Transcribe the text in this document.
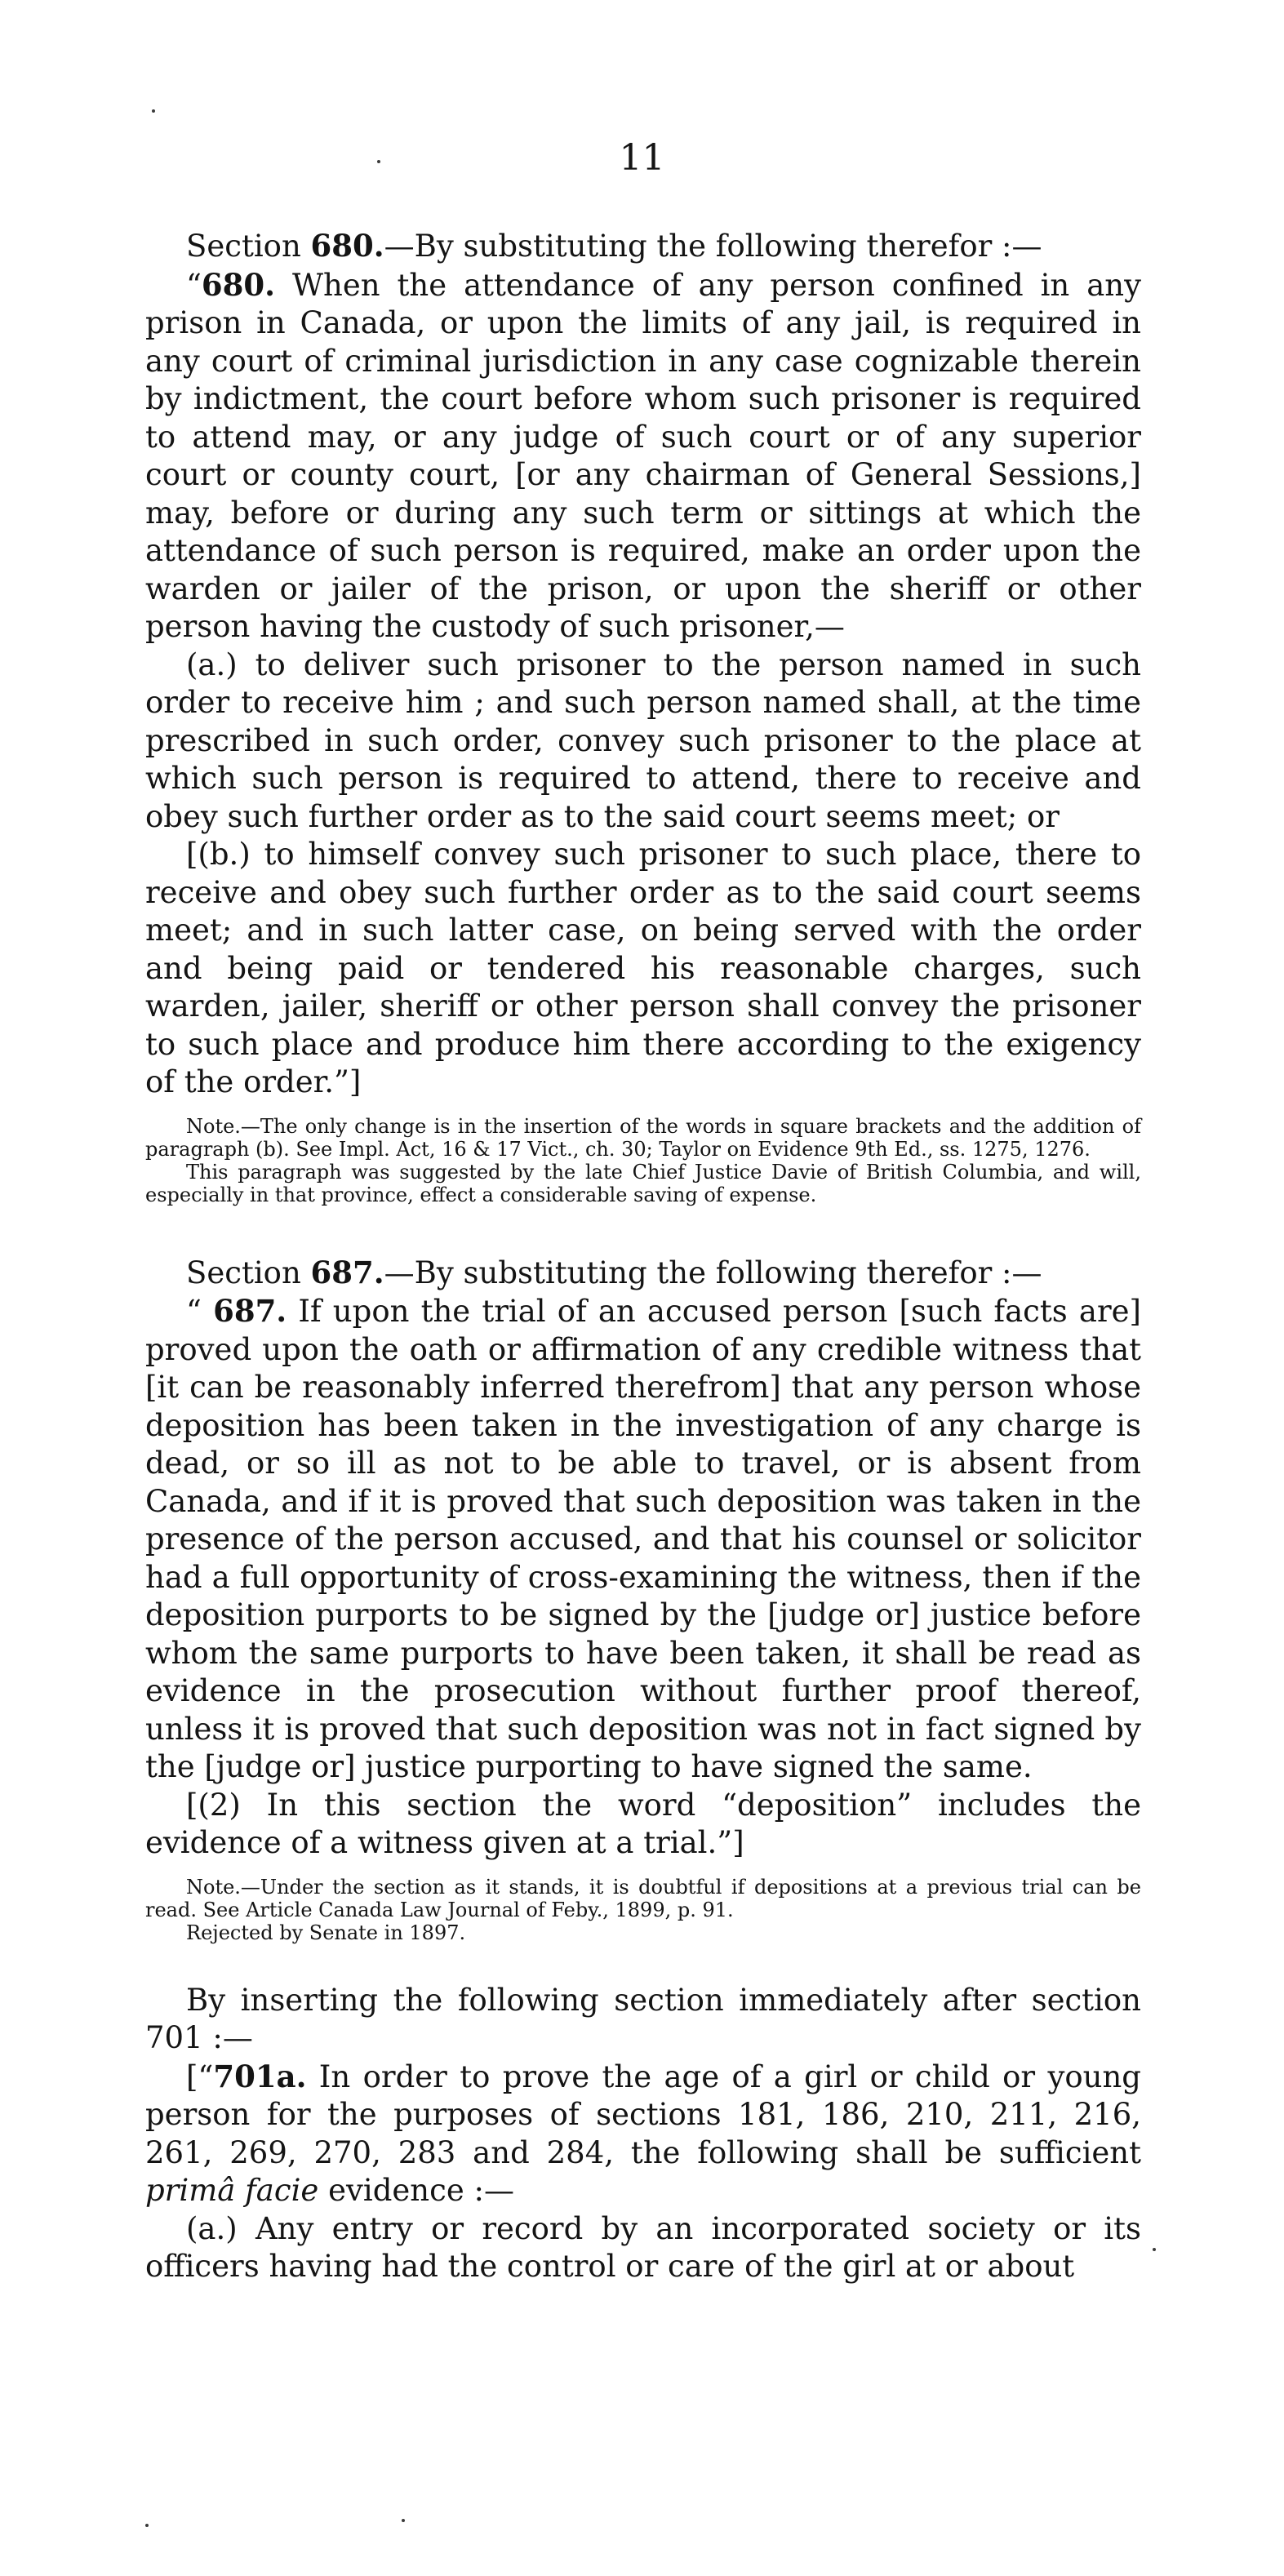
11

Section 680.—By substituting the following therefor :—

“680. When the attendance of any person confined in any prison in Canada, or upon the limits of any jail, is required in any court of criminal jurisdiction in any case cognizable therein by indictment, the court before whom such prisoner is required to attend may, or any judge of such court or of any superior court or county court, [or any chairman of General Sessions,] may, before or during any such term or sittings at which the attendance of such person is required, make an order upon the warden or jailer of the prison, or upon the sheriff or other person having the custody of such prisoner,—

(a.) to deliver such prisoner to the person named in such order to receive him ; and such person named shall, at the time prescribed in such order, convey such prisoner to the place at which such person is required to attend, there to receive and obey such further order as to the said court seems meet; or

[(b.) to himself convey such prisoner to such place, there to receive and obey such further order as to the said court seems meet; and in such latter case, on being served with the order and being paid or tendered his reasonable charges, such warden, jailer, sheriff or other person shall convey the prisoner to such place and produce him there according to the exigency of the order.”]

Note.—The only change is in the insertion of the words in square brackets and the addition of paragraph (b). See Impl. Act, 16 & 17 Vict., ch. 30; Taylor on Evidence 9th Ed., ss. 1275, 1276.

This paragraph was suggested by the late Chief Justice Davie of British Columbia, and will, especially in that province, effect a considerable saving of expense.

Section 687.—By substituting the following therefor :—

“ 687. If upon the trial of an accused person [such facts are] proved upon the oath or affirmation of any credible witness that [it can be reasonably inferred therefrom] that any person whose deposition has been taken in the investigation of any charge is dead, or so ill as not to be able to travel, or is absent from Canada, and if it is proved that such deposition was taken in the presence of the person accused, and that his counsel or solicitor had a full opportunity of cross-examining the witness, then if the deposition purports to be signed by the [judge or] justice before whom the same purports to have been taken, it shall be read as evidence in the prosecution without further proof thereof, unless it is proved that such deposition was not in fact signed by the [judge or] justice purporting to have signed the same.

[(2) In this section the word “deposition” includes the evidence of a witness given at a trial.”]

Note.—Under the section as it stands, it is doubtful if depositions at a previous trial can be read. See Article Canada Law Journal of Feby., 1899, p. 91.

Rejected by Senate in 1897.

By inserting the following section immediately after section 701 :—

[“701a. In order to prove the age of a girl or child or young person for the purposes of sections 181, 186, 210, 211, 216, 261, 269, 270, 283 and 284, the following shall be sufficient primâ facie evidence :—

(a.) Any entry or record by an incorporated society or its officers having had the control or care of the girl at or about
